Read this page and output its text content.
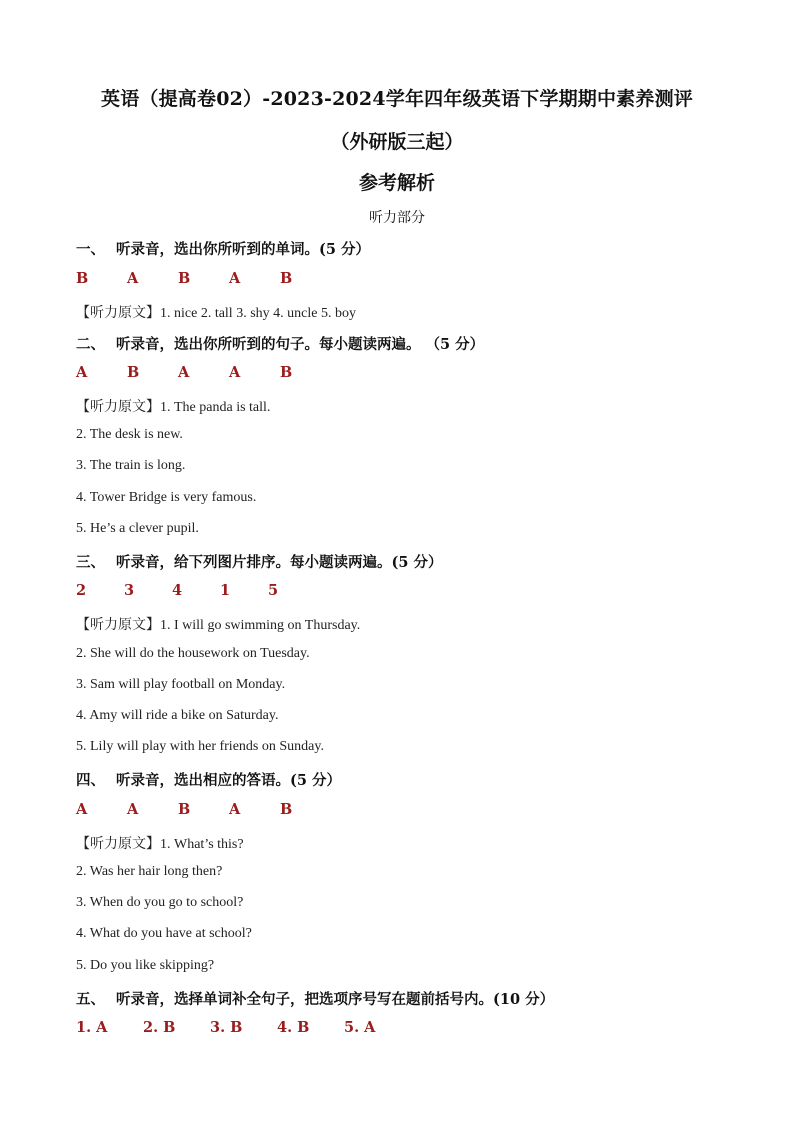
英语（提高卷02）-2023-2024学年四年级英语下学期期中素养测评
（外研版三起）
参考解析
听力部分
一、 听录音，选出你所听到的单词。(5 分）
B	A	B	A	B
【听力原文】1. nice 2. tall 3. shy 4. uncle 5. boy
二、 听录音，选出你所听到的句子。每小题读两遍。 （5 分）
A	B	A	A	B
【听力原文】1. The panda is tall.
2. The desk is new.
3. The train is long.
4. Tower Bridge is very famous.
5. He’s a clever pupil.
三、 听录音，给下列图片排序。每小题读两遍。(5 分）
2	3	4	1	5
【听力原文】1. I will go swimming on Thursday.
2. She will do the housework on Tuesday.
3. Sam will play football on Monday.
4. Amy will ride a bike on Saturday.
5. Lily will play with her friends on Sunday.
四、 听录音，选出相应的答语。(5 分）
A	A	B	A	B
【听力原文】1. What’s this?
2. Was her hair long then?
3. When do you go to school?
4. What do you have at school?
5. Do you like skipping?
五、 听录音，选择单词补全句子，把选项序号写在题前括号内。(10 分）
1. A 2. B 3. B 4. B 5. A
